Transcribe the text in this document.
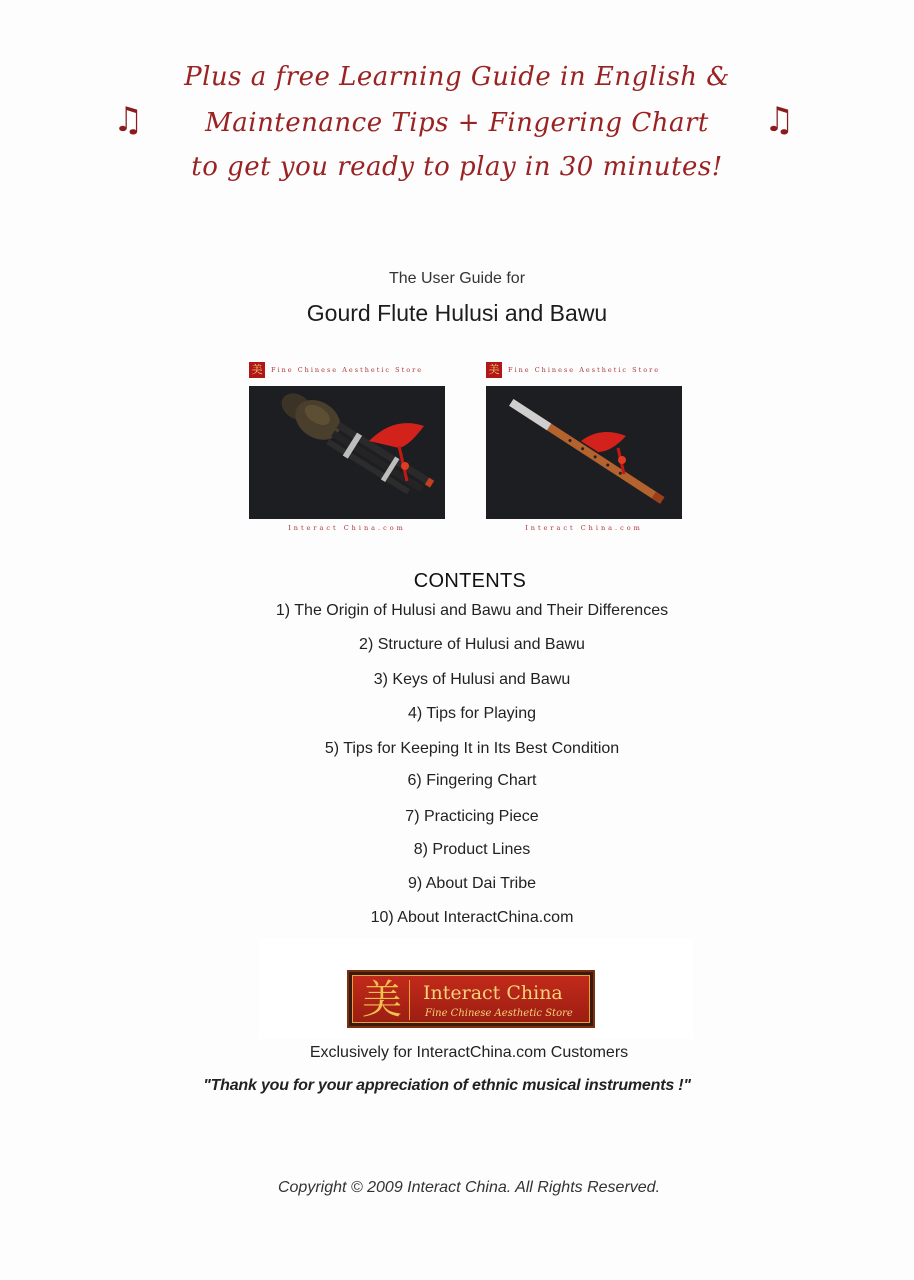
Plus a free Learning Guide in English &
Maintenance Tips + Fingering Chart
to get you ready to play in 30 minutes!
♫	♫
The User Guide for
Gourd Flute Hulusi and Bawu
美	Fine Chinese Aesthetic Store
Interact China.com
美	Fine Chinese Aesthetic Store
Interact China.com
CONTENTS
1) The Origin of Hulusi and Bawu and Their Differences
2) Structure of Hulusi and Bawu
3) Keys of Hulusi and Bawu
4) Tips for Playing
5) Tips for Keeping It in Its Best Condition
6) Fingering Chart
7) Practicing Piece
8) Product Lines
9) About Dai Tribe
10) About InteractChina.com
美 Interact China
Fine Chinese Aesthetic Store
Exclusively for InteractChina.com Customers
"Thank you for your appreciation of ethnic musical instruments !"
Copyright © 2009 Interact China. All Rights Reserved.
